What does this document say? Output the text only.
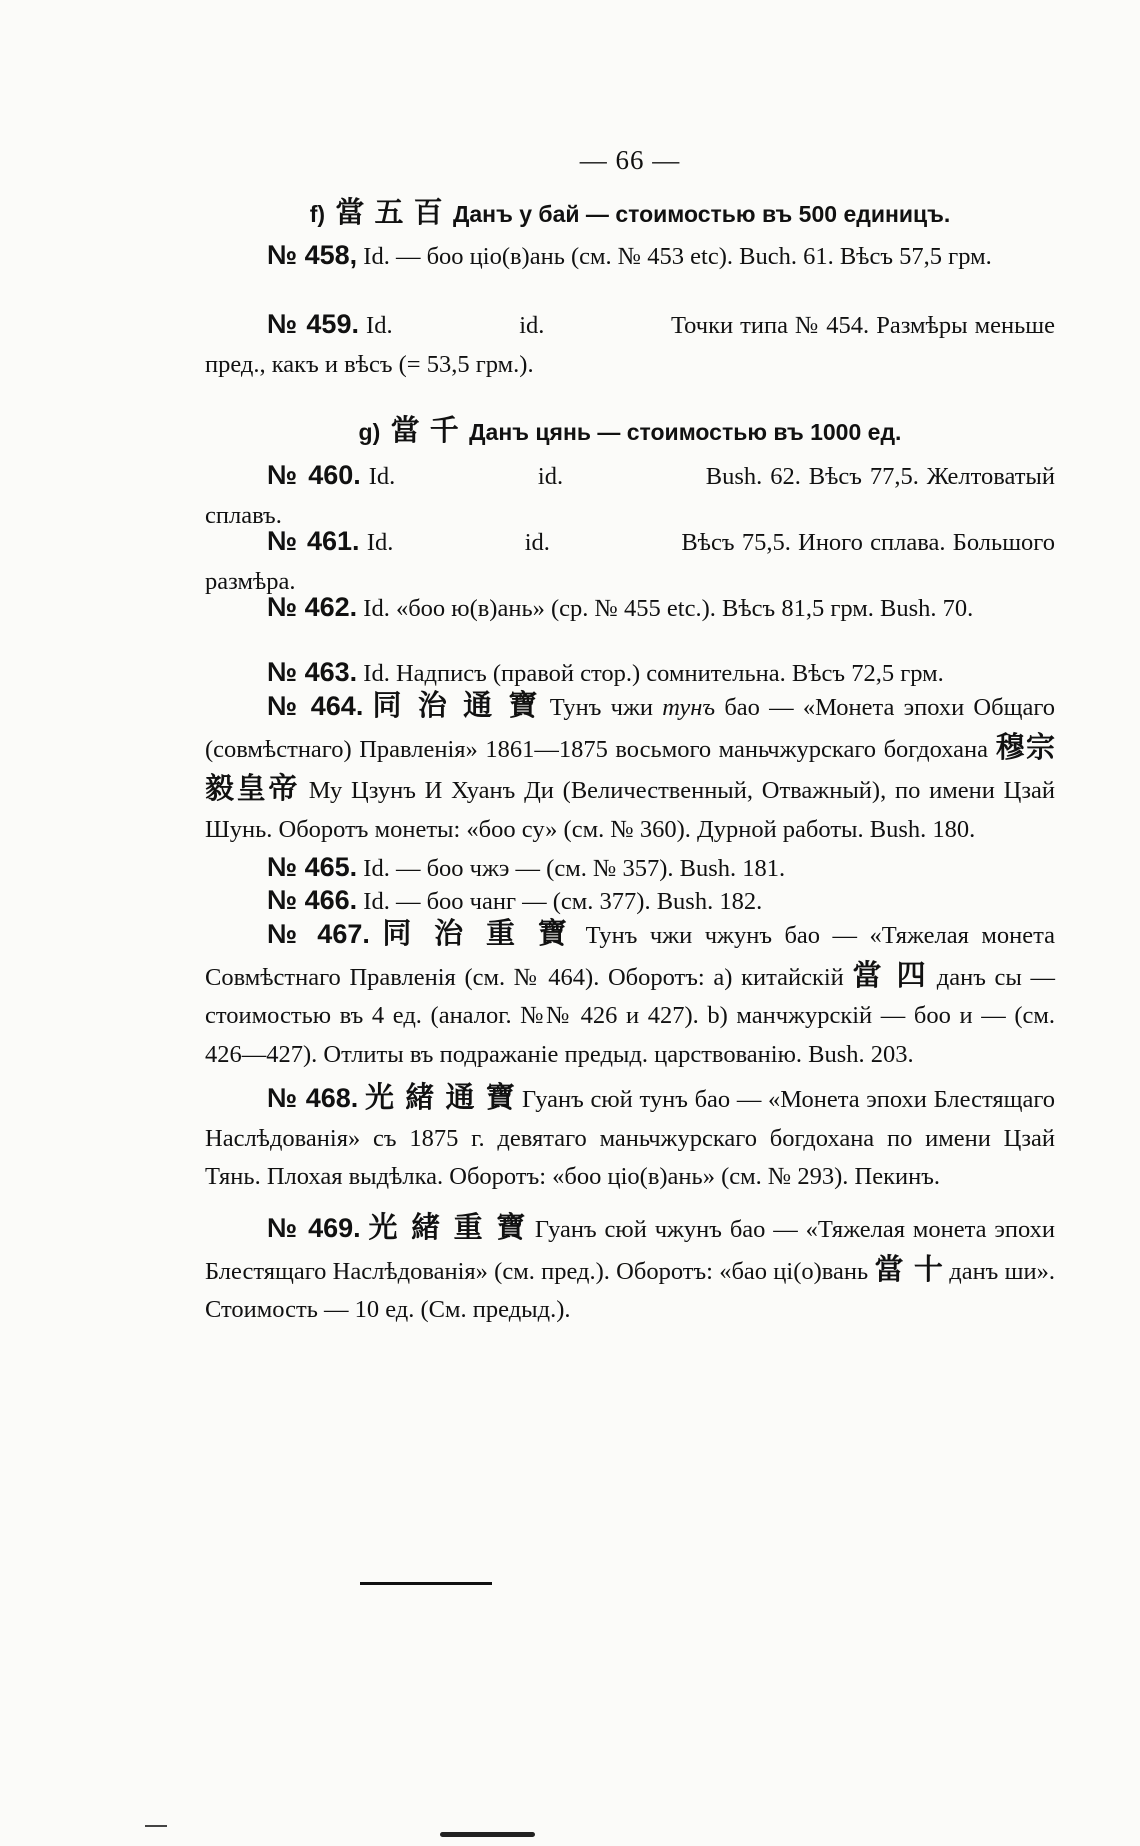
— 66 —
f) 當 五 百 Данъ у бай — стоимостью въ 500 единицъ.
№ 458, Id. — боо ціо(в)ань (см. № 453 etc). Buch. 61. Вѣсъ 57,5 грм.
№ 459. Id.                  id.                  Точки типа № 454. Размѣры меньше пред., какъ и вѣсъ (= 53,5 грм.).
g) 當 千 Данъ цянь — стоимостью въ 1000 ед.
№ 460. Id.                  id.                  Bush. 62. Вѣсъ 77,5. Желтоватый сплавъ.
№ 461. Id.                  id.                  Вѣсъ 75,5. Иного сплава. Большого размѣра.
№ 462. Id. «боо ю(в)ань» (ср. № 455 etc.). Вѣсъ 81,5 грм. Bush. 70.
№ 463. Id. Надписъ (правой стор.) сомнительна. Вѣсъ 72,5 грм.
№ 464. 同 治 通 寶 Тунъ чжи тунъ бао — «Монета эпохи Общаго (совмѣстнаго) Правленія» 1861—1875 восьмого маньчжурскаго богдохана 穆宗毅皇帝 Му Цзунъ И Хуанъ Ди (Величественный, Отважный), по имени Цзай Шунь. Оборотъ монеты: «боо су» (см. № 360). Дурной работы. Bush. 180.
№ 465. Id. — боо чжэ — (см. № 357). Bush. 181.
№ 466. Id. — боо чанг — (см. 377). Bush. 182.
№ 467. 同 治 重 寶 Тунъ чжи чжунъ бао — «Тяжелая монета Совмѣстнаго Правленія (см. № 464). Оборотъ: а) китайскій 當 四 данъ сы — стоимостью въ 4 ед. (аналог. №№ 426 и 427). b) манчжурскій — боо и — (см. 426—427). Отлиты въ подражаніе предыд. царствованію. Bush. 203.
№ 468. 光 緒 通 寶 Гуанъ сюй тунъ бао — «Монета эпохи Блестящаго Наслѣдованія» съ 1875 г. девятаго маньчжурскаго богдохана по имени Цзай Тянь. Плохая выдѣлка. Оборотъ: «боо ціо(в)ань» (см. № 293). Пекинъ.
№ 469. 光 緒 重 寶 Гуанъ сюй чжунъ бао — «Тяжелая монета эпохи Блестящаго Наслѣдованія» (см. пред.). Оборотъ: «бао ці(о)вань 當 十 данъ ши». Стоимость — 10 ед. (См. предыд.).
